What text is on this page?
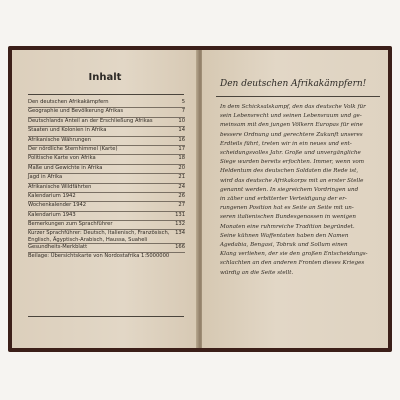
Inhalt
Den deutschen Afrikakämpfern	5
Geographie und Bevölkerung Afrikas	7
Deutschlands Anteil an der Erschließung Afrikas	10
Staaten und Kolonien in Afrika	14
Afrikanische Währungen	16
Der nördliche Sternhimmel (Karte)	17
Politische Karte von Afrika	18
Maße und Gewichte in Afrika	20
Jagd in Afrika	21
Afrikanische Wildfährten	24
Kalendarium 1942	26
Wochenkalender 1942	27
Kalendarium 1943	131
Bemerkungen zum Sprachführer	132
Kurzer Sprachführer: Deutsch, Italienisch, Französisch, Englisch, Ägyptisch-Arabisch, Haussa, Suaheli
134
Gesundheits-Merkblatt	166
Beilage: Übersichtskarte von Nordostafrika 1:5000000
Den deutschen Afrikakämpfern!
In dem Schicksalskampf, den das deutsche Volk für
sein Lebensrecht und seinen Lebensraum und ge-
meinsam mit den jungen Völkern Europas für eine
bessere Ordnung und gerechtere Zukunft unseres
Erdteils führt, treten wir in ein neues und ent-
scheidungsvolles Jahr. Große und unvergängliche
Siege wurden bereits erfochten. Immer, wenn vom
Heldentum des deutschen Soldaten die Rede ist,
wird das deutsche Afrikakorps mit an erster Stelle
genannt werden. In siegreichem Vordringen und
in zäher und erbitterter Verteidigung der er-
rungenen Position hat es Seite an Seite mit un-
seren italienischen Bundesgenossen in wenigen
Monaten eine ruhmreiche Tradition begründet.
Seine kühnen Waffentaten haben den Namen
Agedabia, Bengasi, Tobruk und Sollum einen
Klang verliehen, der sie den großen Entscheidungs-
schlachten an den anderen Fronten dieses Krieges
würdig an die Seite stellt.
